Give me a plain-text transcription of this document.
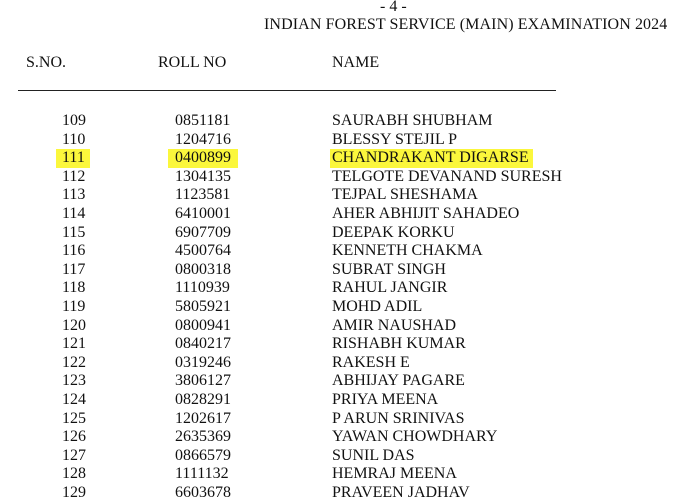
- 4 -
INDIAN FOREST SERVICE (MAIN) EXAMINATION 2024
S.NO.	ROLL NO	NAME
109	0851181	SAURABH SHUBHAM
110	1204716	BLESSY STEJIL P
111	0400899	CHANDRAKANT DIGARSE
112	1304135	TELGOTE DEVANAND SURESH
113	1123581	TEJPAL SHESHAMA
114	6410001	AHER ABHIJIT SAHADEO
115	6907709	DEEPAK KORKU
116	4500764	KENNETH CHAKMA
117	0800318	SUBRAT SINGH
118	1110939	RAHUL JANGIR
119	5805921	MOHD ADIL
120	0800941	AMIR NAUSHAD
121	0840217	RISHABH KUMAR
122	0319246	RAKESH E
123	3806127	ABHIJAY PAGARE
124	0828291	PRIYA MEENA
125	1202617	P ARUN SRINIVAS
126	2635369	YAWAN CHOWDHARY
127	0866579	SUNIL DAS
128	1111132	HEMRAJ MEENA
129	6603678	PRAVEEN JADHAV
